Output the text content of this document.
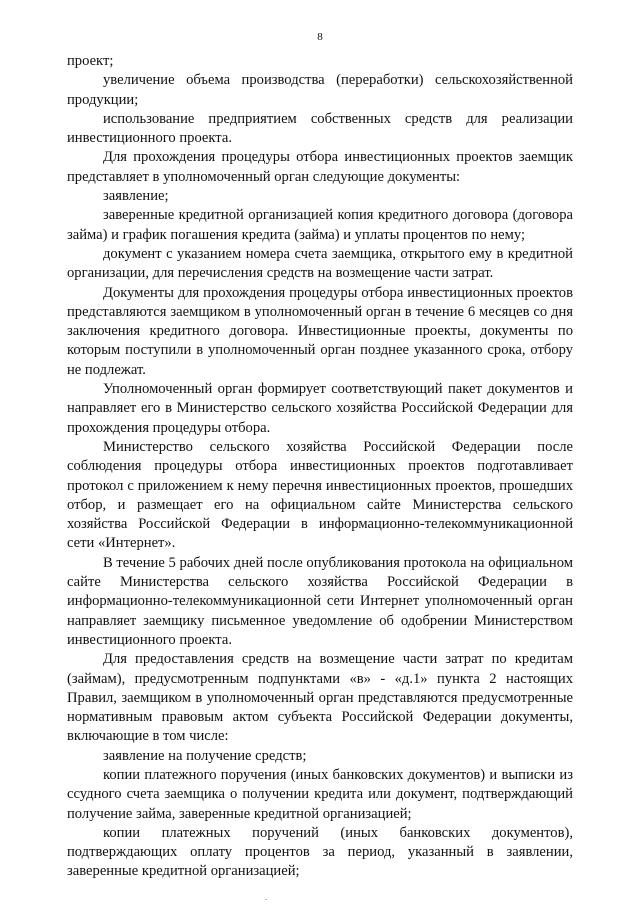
8

проект;

увеличение объема производства (переработки) сельскохозяйственной продукции;

использование предприятием собственных средств для реализации инвестиционного проекта.

Для прохождения процедуры отбора инвестиционных проектов заемщик представляет в уполномоченный орган следующие документы:

заявление;

заверенные кредитной организацией копия кредитного договора (договора займа) и график погашения кредита (займа) и уплаты процентов по нему;

документ с указанием номера счета заемщика, открытого ему в кредитной организации, для перечисления средств на возмещение части затрат.

Документы для прохождения процедуры отбора инвестиционных проектов представляются заемщиком в уполномоченный орган в течение 6 месяцев со дня заключения кредитного договора. Инвестиционные проекты, документы по которым поступили в уполномоченный орган позднее указанного срока, отбору не подлежат.

Уполномоченный орган формирует соответствующий пакет документов и направляет его в Министерство сельского хозяйства Российской Федерации для прохождения процедуры отбора.

Министерство сельского хозяйства Российской Федерации после соблюдения процедуры отбора инвестиционных проектов подготавливает протокол с приложением к нему перечня инвестиционных проектов, прошедших отбор, и размещает его на официальном сайте Министерства сельского хозяйства Российской Федерации в информационно-телекоммуникационной сети «Интернет».

В течение 5 рабочих дней после опубликования протокола на официальном сайте Министерства сельского хозяйства Российской Федерации в информационно-телекоммуникационной сети Интернет уполномоченный орган направляет заемщику письменное уведомление об одобрении Министерством инвестиционного проекта.

Для предоставления средств на возмещение части затрат по кредитам (займам), предусмотренным подпунктами «в» - «д.1» пункта 2 настоящих Правил, заемщиком в уполномоченный орган представляются предусмотренные нормативным правовым актом субъекта Российской Федерации документы, включающие в том числе:

заявление на получение средств;

копии платежного поручения (иных банковских документов) и выписки из ссудного счета заемщика о получении кредита или документ, подтверждающий получение займа, заверенные кредитной организацией;

копии платежных поручений (иных банковских документов), подтверждающих оплату процентов за период, указанный в заявлении, заверенные кредитной организацией;

.
